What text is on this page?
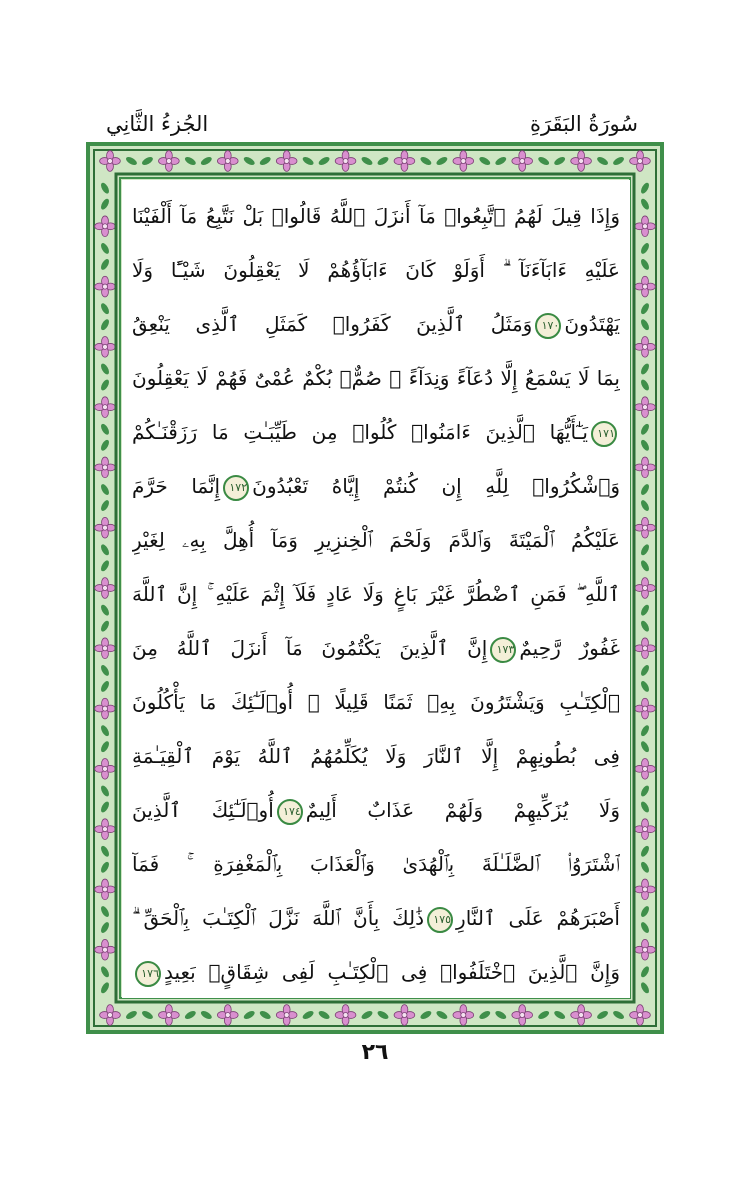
الجُزءُ الثَّانِي	سُورَةُ البَقَرَةِ
وَإِذَا قِيلَ لَهُمُ ٱتَّبِعُوا۟ مَآ أَنزَلَ ٱللَّهُ قَالُوا۟ بَلْ نَتَّبِعُ مَآ أَلْفَيْنَا
عَلَيْهِ ءَابَآءَنَآ ۗ أَوَلَوْ كَانَ ءَابَآؤُهُمْ لَا يَعْقِلُونَ شَيْـًٔا وَلَا
يَهْتَدُونَ١٧٠وَمَثَلُ ٱلَّذِينَ كَفَرُوا۟ كَمَثَلِ ٱلَّذِى يَنْعِقُ
بِمَا لَا يَسْمَعُ إِلَّا دُعَآءً وَنِدَآءً ۚ صُمٌّۢ بُكْمٌ عُمْىٌ فَهُمْ لَا يَعْقِلُونَ
١٧١يَـٰٓأَيُّهَا ٱلَّذِينَ ءَامَنُوا۟ كُلُوا۟ مِن طَيِّبَـٰتِ مَا رَزَقْنَـٰكُمْ
وَٱشْكُرُوا۟ لِلَّهِ إِن كُنتُمْ إِيَّاهُ تَعْبُدُونَ١٧٢إِنَّمَا حَرَّمَ
عَلَيْكُمُ ٱلْمَيْتَةَ وَٱلدَّمَ وَلَحْمَ ٱلْخِنزِيرِ وَمَآ أُهِلَّ بِهِۦ لِغَيْرِ
ٱللَّهِ ۖ فَمَنِ ٱضْطُرَّ غَيْرَ بَاغٍ وَلَا عَادٍ فَلَآ إِثْمَ عَلَيْهِ ۚ إِنَّ ٱللَّهَ
غَفُورٌ رَّحِيمٌ١٧٣إِنَّ ٱلَّذِينَ يَكْتُمُونَ مَآ أَنزَلَ ٱللَّهُ مِنَ
ٱلْكِتَـٰبِ وَيَشْتَرُونَ بِهِۦ ثَمَنًا قَلِيلًا ۙ أُو۟لَـٰٓئِكَ مَا يَأْكُلُونَ
فِى بُطُونِهِمْ إِلَّا ٱلنَّارَ وَلَا يُكَلِّمُهُمُ ٱللَّهُ يَوْمَ ٱلْقِيَـٰمَةِ
وَلَا يُزَكِّيهِمْ وَلَهُمْ عَذَابٌ أَلِيمٌ١٧٤أُو۟لَـٰٓئِكَ ٱلَّذِينَ
ٱشْتَرَوُا۟ ٱلضَّلَـٰلَةَ بِٱلْهُدَىٰ وَٱلْعَذَابَ بِٱلْمَغْفِرَةِ ۚ فَمَآ
أَصْبَرَهُمْ عَلَى ٱلنَّارِ١٧٥ذَٰلِكَ بِأَنَّ ٱللَّهَ نَزَّلَ ٱلْكِتَـٰبَ بِٱلْحَقِّ ۗ
وَإِنَّ ٱلَّذِينَ ٱخْتَلَفُوا۟ فِى ٱلْكِتَـٰبِ لَفِى شِقَاقٍۭ بَعِيدٍ١٧٦
٢٦
